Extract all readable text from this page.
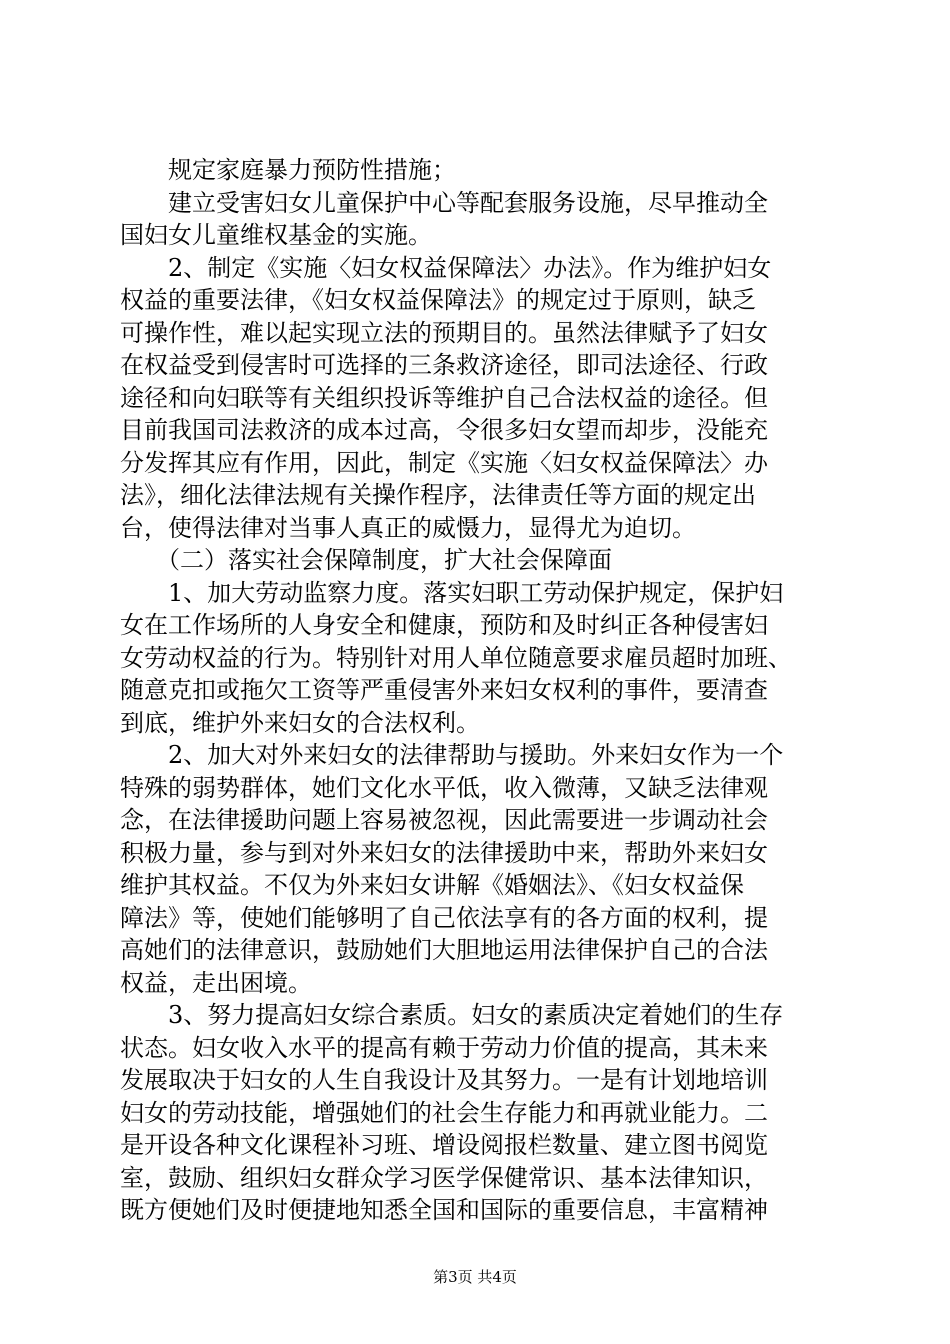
　　规定家庭暴力预防性措施；
　　建立受害妇女儿童保护中心等配套服务设施，尽早推动全
国妇女儿童维权基金的实施。
　　2、制定《实施〈妇女权益保障法〉办法》。作为维护妇女
权益的重要法律，《妇女权益保障法》的规定过于原则，缺乏
可操作性，难以起实现立法的预期目的。虽然法律赋予了妇女
在权益受到侵害时可选择的三条救济途径，即司法途径、行政
途径和向妇联等有关组织投诉等维护自己合法权益的途径。但
目前我国司法救济的成本过高，令很多妇女望而却步，没能充
分发挥其应有作用，因此，制定《实施〈妇女权益保障法〉办
法》，细化法律法规有关操作程序，法律责任等方面的规定出
台，使得法律对当事人真正的威慑力，显得尤为迫切。
　　（二）落实社会保障制度，扩大社会保障面
　　1、加大劳动监察力度。落实妇职工劳动保护规定，保护妇
女在工作场所的人身安全和健康，预防和及时纠正各种侵害妇
女劳动权益的行为。特别针对用人单位随意要求雇员超时加班、
随意克扣或拖欠工资等严重侵害外来妇女权利的事件，要清查
到底，维护外来妇女的合法权利。
　　2、加大对外来妇女的法律帮助与援助。外来妇女作为一个
特殊的弱势群体，她们文化水平低，收入微薄，又缺乏法律观
念，在法律援助问题上容易被忽视，因此需要进一步调动社会
积极力量，参与到对外来妇女的法律援助中来，帮助外来妇女
维护其权益。不仅为外来妇女讲解《婚姻法》、《妇女权益保
障法》等，使她们能够明了自己依法享有的各方面的权利，提
高她们的法律意识，鼓励她们大胆地运用法律保护自己的合法
权益，走出困境。
　　3、努力提高妇女综合素质。妇女的素质决定着她们的生存
状态。妇女收入水平的提高有赖于劳动力价值的提高，其未来
发展取决于妇女的人生自我设计及其努力。一是有计划地培训
妇女的劳动技能，增强她们的社会生存能力和再就业能力。二
是开设各种文化课程补习班、增设阅报栏数量、建立图书阅览
室，鼓励、组织妇女群众学习医学保健常识、基本法律知识，
既方便她们及时便捷地知悉全国和国际的重要信息，丰富精神
第3页 共4页
